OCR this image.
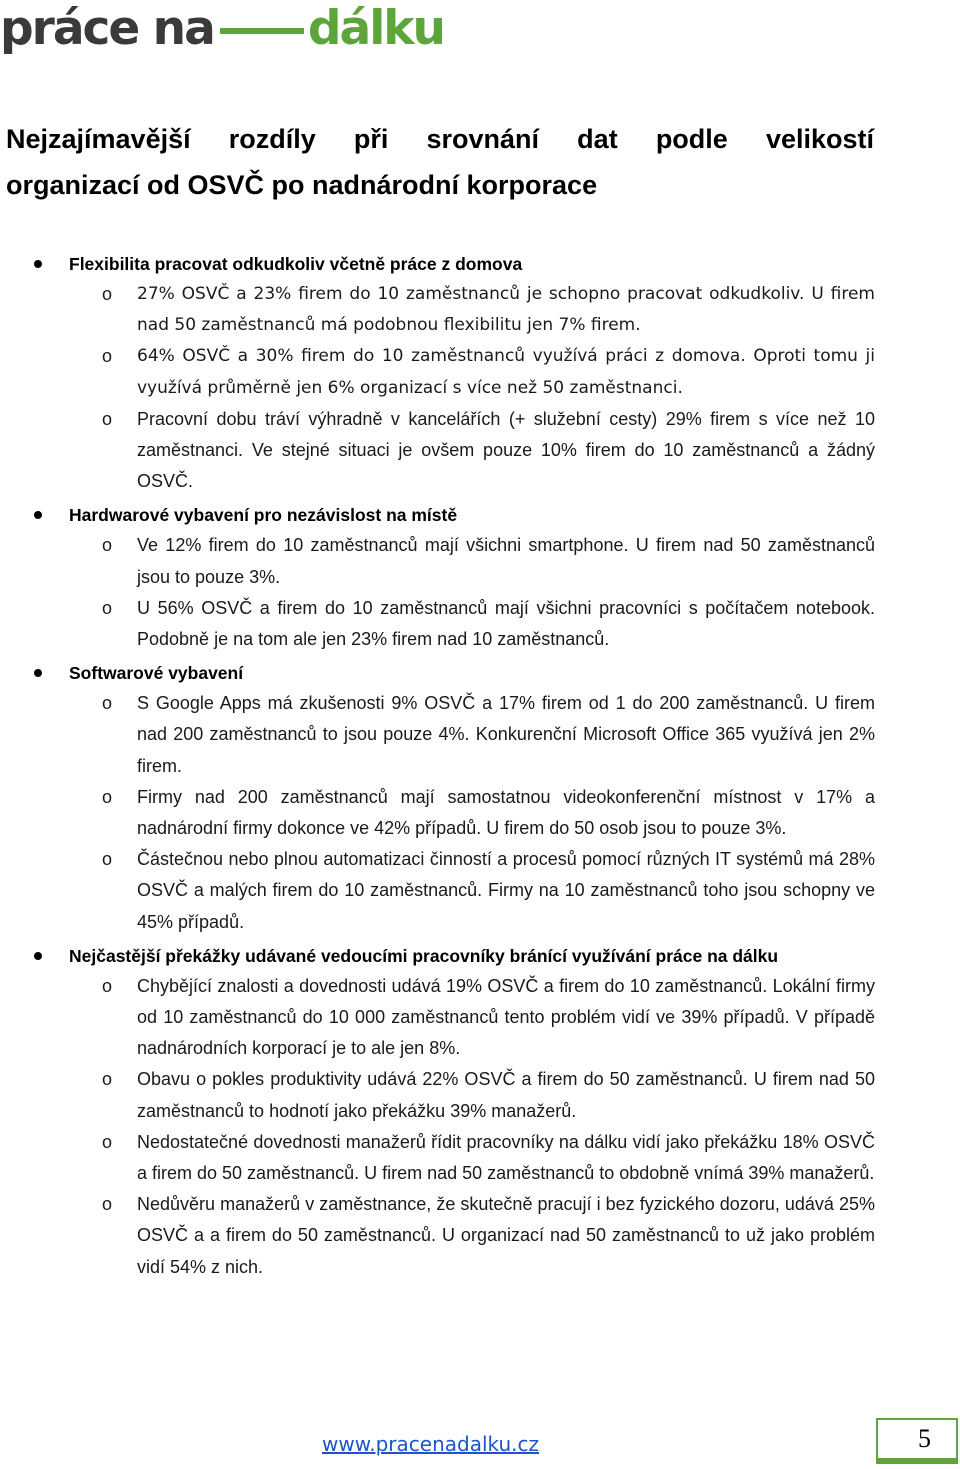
práce na dálku
Nejzajímavější rozdíly při srovnání dat podle velikostí
organizací od OSVČ po nadnárodní korporace
Flexibilita pracovat odkudkoliv včetně práce z domova
o 27% OSVČ a 23% firem do 10 zaměstnanců je schopno pracovat odkudkoliv. U firem nad 50 zaměstnanců má podobnou flexibilitu jen 7% firem.
o 64% OSVČ a 30% firem do 10 zaměstnanců využívá práci z domova. Oproti tomu ji využívá průměrně jen 6% organizací s více než 50 zaměstnanci.
o Pracovní dobu tráví výhradně v kancelářích (+ služební cesty) 29% firem s více než 10 zaměstnanci. Ve stejné situaci je ovšem pouze 10% firem do 10 zaměstnanců a žádný OSVČ.
Hardwarové vybavení pro nezávislost na místě
o Ve 12% firem do 10 zaměstnanců mají všichni smartphone. U firem nad 50 zaměstnanců jsou to pouze 3%.
o U 56% OSVČ a firem do 10 zaměstnanců mají všichni pracovníci s počítačem notebook. Podobně je na tom ale jen 23% firem nad 10 zaměstnanců.
Softwarové vybavení
o S Google Apps má zkušenosti 9% OSVČ a 17% firem od 1 do 200 zaměstnanců. U firem nad 200 zaměstnanců to jsou pouze 4%. Konkurenční Microsoft Office 365 využívá jen 2% firem.
o Firmy nad 200 zaměstnanců mají samostatnou videokonferenční místnost v 17% a nadnárodní firmy dokonce ve 42% případů. U firem do 50 osob jsou to pouze 3%.
o Částečnou nebo plnou automatizaci činností a procesů pomocí různých IT systémů má 28% OSVČ a malých firem do 10 zaměstnanců. Firmy na 10 zaměstnanců toho jsou schopny ve 45% případů.
Nejčastější překážky udávané vedoucími pracovníky bránící využívání práce na dálku
o Chybějící znalosti a dovednosti udává 19% OSVČ a firem do 10 zaměstnanců. Lokální firmy od 10 zaměstnanců do 10 000 zaměstnanců tento problém vidí ve 39% případů. V případě nadnárodních korporací je to ale jen 8%.
o Obavu o pokles produktivity udává 22% OSVČ a firem do 50 zaměstnanců. U firem nad 50 zaměstnanců to hodnotí jako překážku 39% manažerů.
o Nedostatečné dovednosti manažerů řídit pracovníky na dálku vidí jako překážku 18% OSVČ a firem do 50 zaměstnanců. U firem nad 50 zaměstnanců to obdobně vnímá 39% manažerů.
o Nedůvěru manažerů v zaměstnance, že skutečně pracují i bez fyzického dozoru, udává 25% OSVČ a a firem do 50 zaměstnanců. U organizací nad 50 zaměstnanců to už jako problém vidí 54% z nich.
www.pracenadalku.cz	5
